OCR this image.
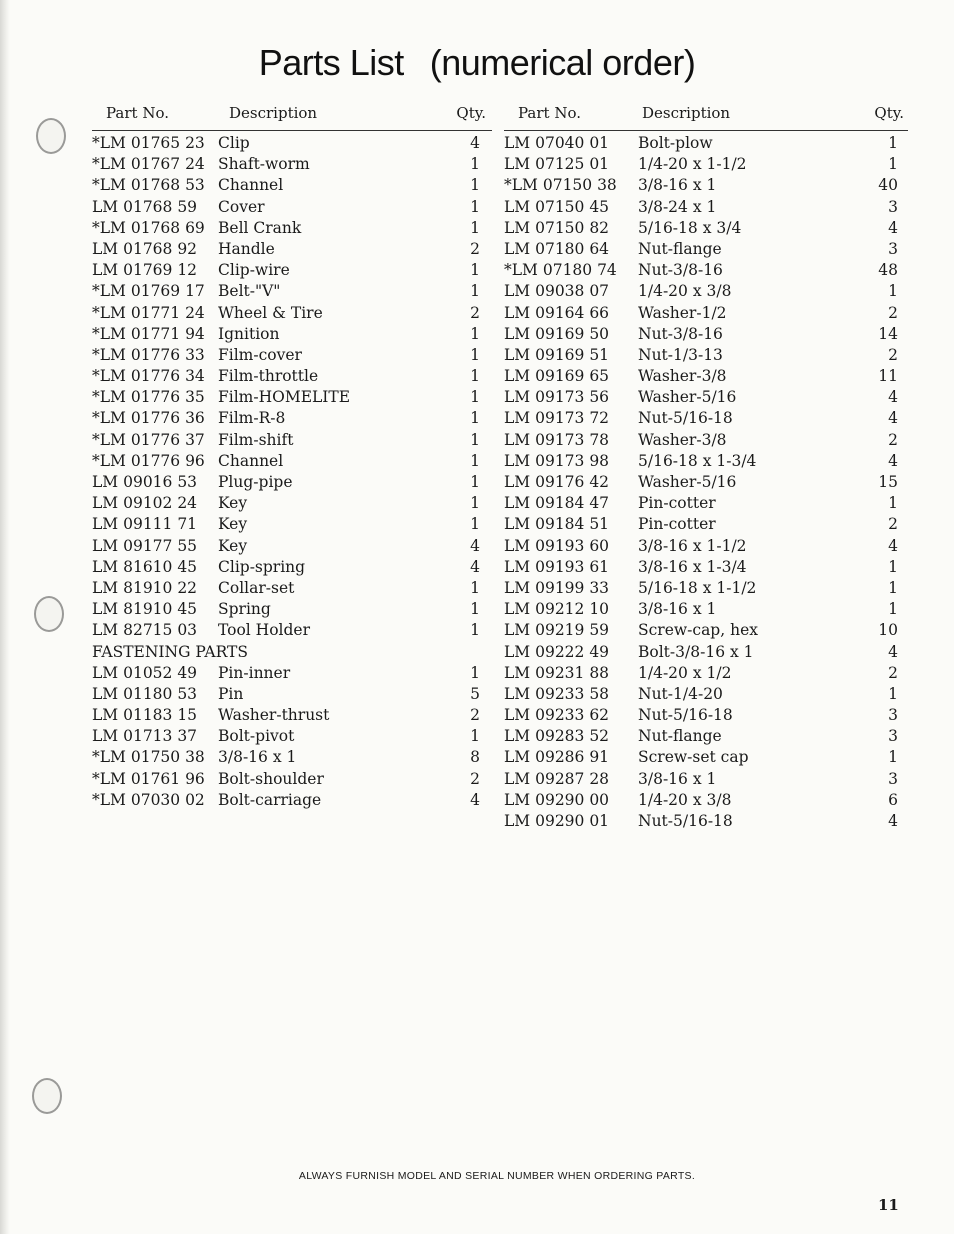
Parts List (numerical order)
Part No.	Description	Qty.
*LM 01765 23 Clip	4
*LM 01767 24 Shaft-worm	1
*LM 01768 53 Channel	1
LM 01768 59 Cover	1
*LM 01768 69 Bell Crank	1
LM 01768 92 Handle	2
LM 01769 12 Clip-wire	1
*LM 01769 17 Belt-"V"	1
*LM 01771 24 Wheel & Tire	2
*LM 01771 94 Ignition	1
*LM 01776 33 Film-cover	1
*LM 01776 34 Film-throttle	1
*LM 01776 35 Film-HOMELITE	1
*LM 01776 36 Film-R-8	1
*LM 01776 37 Film-shift	1
*LM 01776 96 Channel	1
LM 09016 53 Plug-pipe	1
LM 09102 24 Key	1
LM 09111 71 Key	1
LM 09177 55 Key	4
LM 81610 45 Clip-spring	4
LM 81910 22 Collar-set	1
LM 81910 45 Spring	1
LM 82715 03 Tool Holder	1
FASTENING PARTS
LM 01052 49 Pin-inner	1
LM 01180 53 Pin	5
LM 01183 15 Washer-thrust	2
LM 01713 37 Bolt-pivot	1
*LM 01750 38 3/8-16 x 1	8
*LM 01761 96 Bolt-shoulder	2
*LM 07030 02 Bolt-carriage	4
Part No.	Description	Qty.
LM 07040 01 Bolt-plow	1
LM 07125 01 1/4-20 x 1-1/2	1
*LM 07150 38 3/8-16 x 1	40
LM 07150 45 3/8-24 x 1	3
LM 07150 82 5/16-18 x 3/4	4
LM 07180 64 Nut-flange	3
*LM 07180 74 Nut-3/8-16	48
LM 09038 07 1/4-20 x 3/8	1
LM 09164 66 Washer-1/2	2
LM 09169 50 Nut-3/8-16	14
LM 09169 51 Nut-1/3-13	2
LM 09169 65 Washer-3/8	11
LM 09173 56 Washer-5/16	4
LM 09173 72 Nut-5/16-18	4
LM 09173 78 Washer-3/8	2
LM 09173 98 5/16-18 x 1-3/4	4
LM 09176 42 Washer-5/16	15
LM 09184 47 Pin-cotter	1
LM 09184 51 Pin-cotter	2
LM 09193 60 3/8-16 x 1-1/2	4
LM 09193 61 3/8-16 x 1-3/4	1
LM 09199 33 5/16-18 x 1-1/2	1
LM 09212 10 3/8-16 x 1	1
LM 09219 59 Screw-cap, hex	10
LM 09222 49 Bolt-3/8-16 x 1	4
LM 09231 88 1/4-20 x 1/2	2
LM 09233 58 Nut-1/4-20	1
LM 09233 62 Nut-5/16-18	3
LM 09283 52 Nut-flange	3
LM 09286 91 Screw-set cap	1
LM 09287 28 3/8-16 x 1	3
LM 09290 00 1/4-20 x 3/8	6
LM 09290 01 Nut-5/16-18	4
ALWAYS FURNISH MODEL AND SERIAL NUMBER WHEN ORDERING PARTS.
11
